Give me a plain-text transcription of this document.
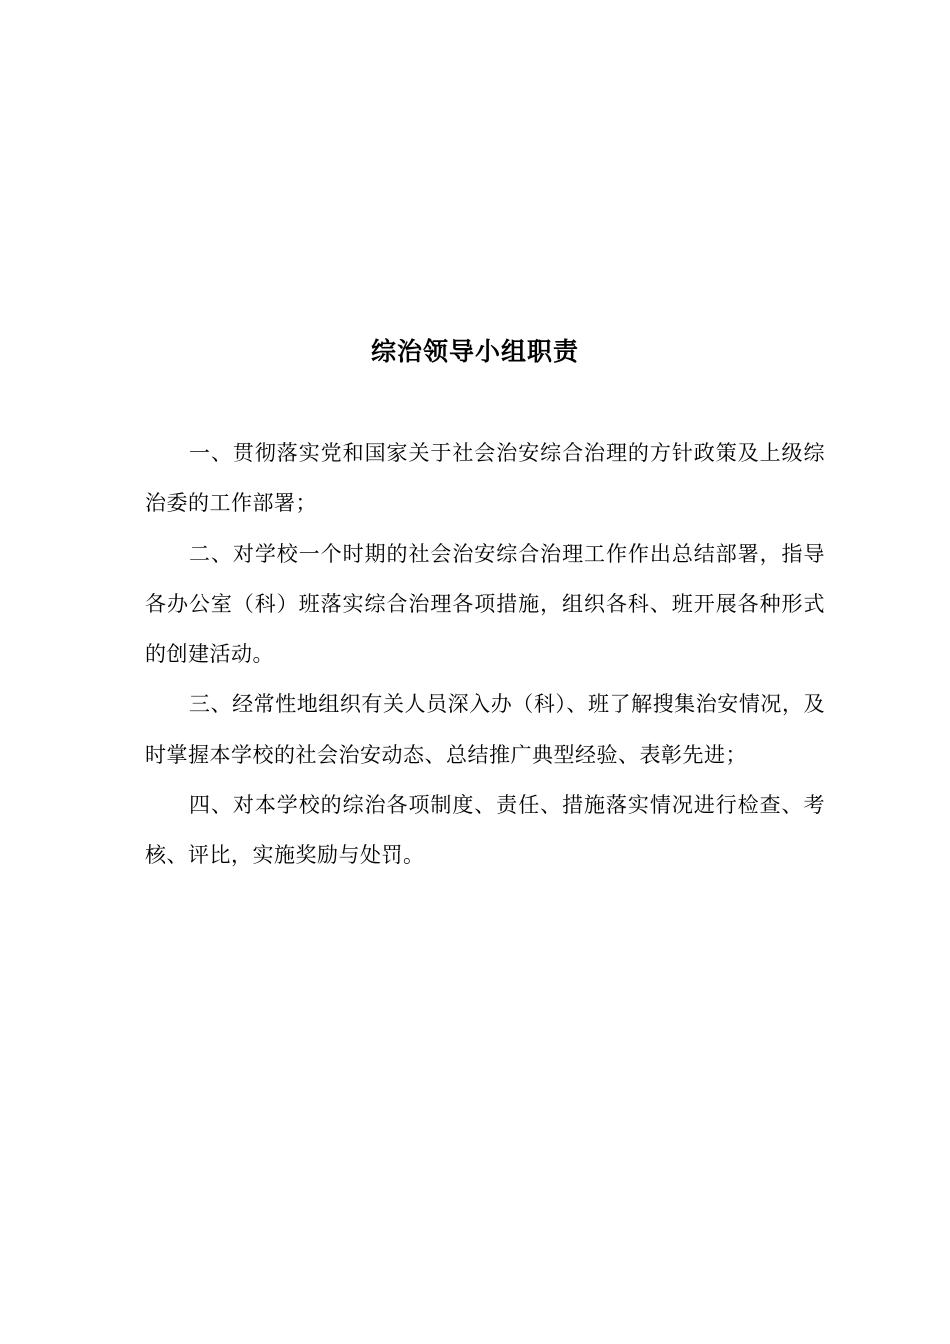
综治领导小组职责

一、贯彻落实党和国家关于社会治安综合治理的方针政策及上级综治委的工作部署；

二、对学校一个时期的社会治安综合治理工作作出总结部署，指导各办公室（科）班落实综合治理各项措施，组织各科、班开展各种形式的创建活动。

三、经常性地组织有关人员深入办（科）、班了解搜集治安情况，及时掌握本学校的社会治安动态、总结推广典型经验、表彰先进；

四、对本学校的综治各项制度、责任、措施落实情况进行检查、考核、评比，实施奖励与处罚。
